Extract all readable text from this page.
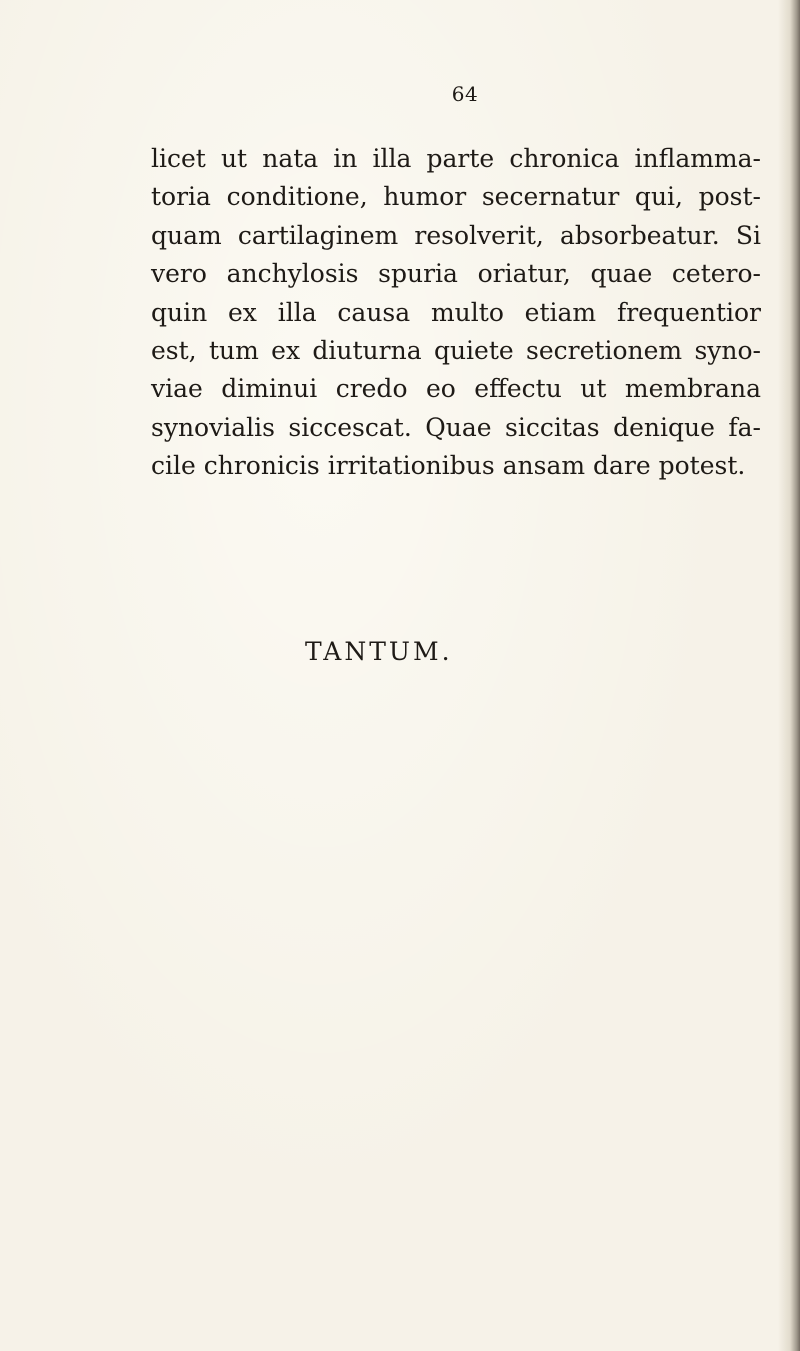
64
licet ut nata in illa parte chronica inflamma-
toria conditione, humor secernatur qui, post-
quam cartilaginem resolverit, absorbeatur. Si
vero anchylosis spuria oriatur, quae cetero-
quin ex illa causa multo etiam frequentior
est, tum ex diuturna quiete secretionem syno-
viae diminui credo eo effectu ut membrana
synovialis siccescat. Quae siccitas denique fa-
cile chronicis irritationibus ansam dare potest.
TANTUM.
